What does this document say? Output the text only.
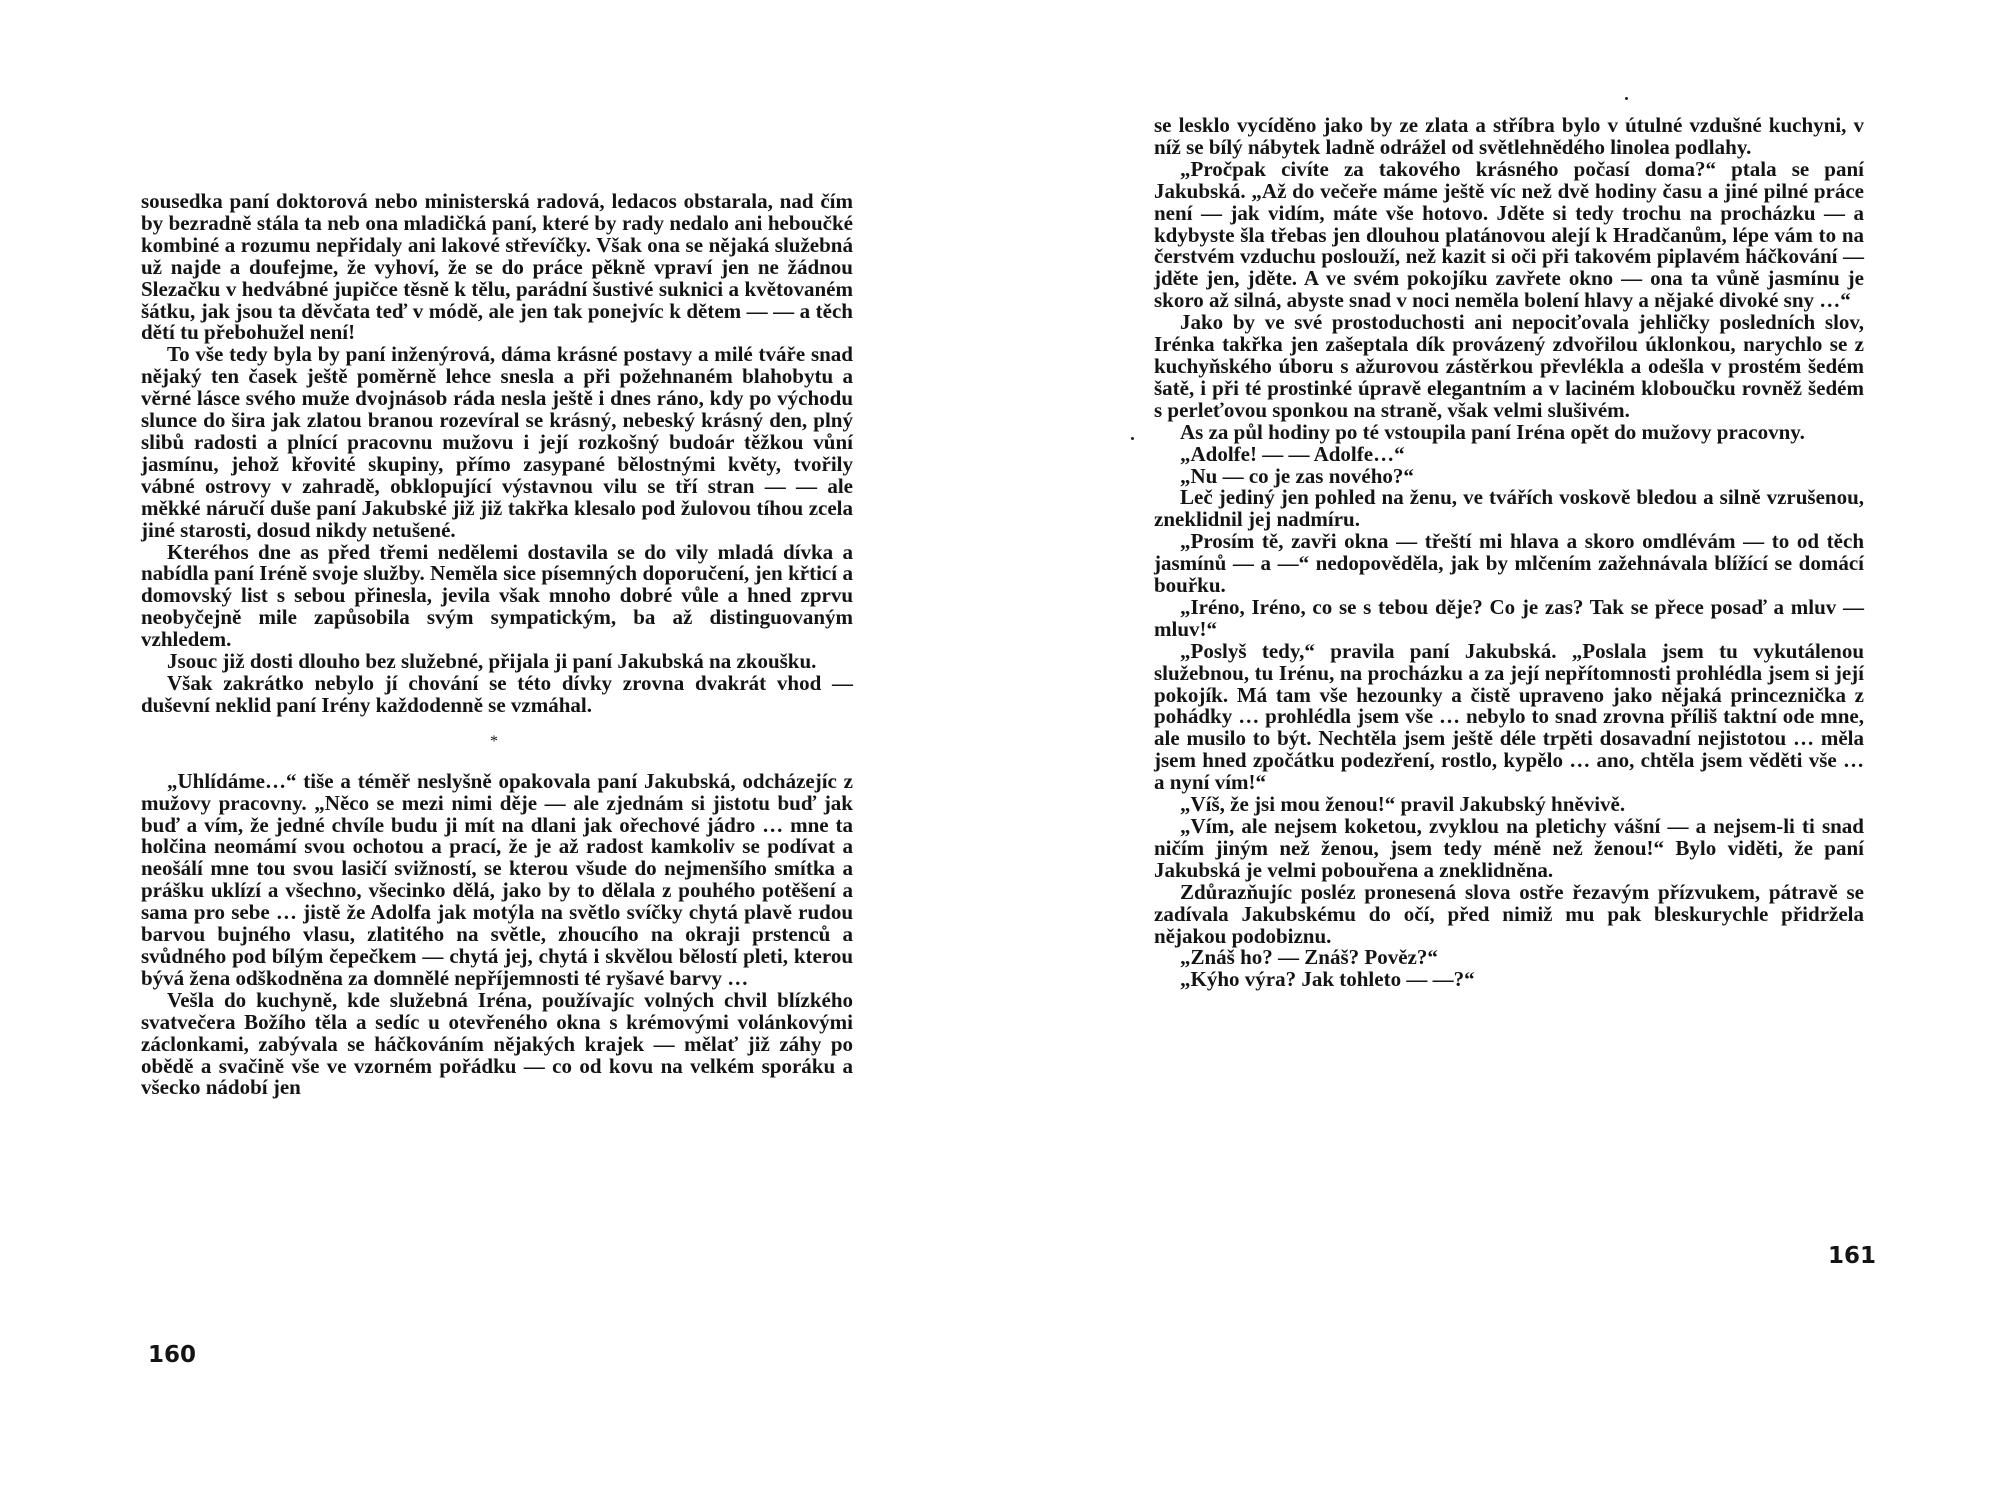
sousedka paní doktorová nebo ministerská radová, ledacos obstarala, nad čím by bezradně stála ta neb ona mladičká paní, které by rady nedalo ani heboučké kombiné a rozumu nepřidaly ani lakové střevíčky. Však ona se nějaká služebná už najde a doufejme, že vyhoví, že se do práce pěkně vpraví jen ne žádnou Slezačku v hedvábné jupičce těsně k tělu, parádní šustivé suknici a květovaném šátku, jak jsou ta děvčata teď v módě, ale jen tak ponejvíc k dětem — — a těch dětí tu přebohužel není!

To vše tedy byla by paní inženýrová, dáma krásné postavy a milé tváře snad nějaký ten časek ještě poměrně lehce snesla a při požehnaném blahobytu a věrné lásce svého muže dvojnásob ráda nesla ještě i dnes ráno, kdy po východu slunce do šira jak zlatou branou rozevíral se krásný, nebeský krásný den, plný slibů radosti a plnící pracovnu mužovu i její rozkošný budoár těžkou vůní jasmínu, jehož křovité skupiny, přímo zasypané bělostnými květy, tvořily vábné ostrovy v zahradě, obklopující výstavnou vilu se tří stran — — ale měkké náručí duše paní Jakubské již již takřka klesalo pod žulovou tíhou zcela jiné starosti, dosud nikdy netušené.

Kteréhos dne as před třemi nedělemi dostavila se do vily mladá dívka a nabídla paní Iréně svoje služby. Neměla sice písemných doporučení, jen křticí a domovský list s sebou přinesla, jevila však mnoho dobré vůle a hned zprvu neobyčejně mile zapůsobila svým sympatickým, ba až distinguovaným vzhledem.

Jsouc již dosti dlouho bez služebné, přijala ji paní Jakubská na zkoušku.

Však zakrátko nebylo jí chování se této dívky zrovna dvakrát vhod — duševní neklid paní Irény každodenně se vzmáhal.

*

„Uhlídáme…“ tiše a téměř neslyšně opakovala paní Jakubská, odcházejíc z mužovy pracovny. „Něco se mezi nimi děje — ale zjednám si jistotu buď jak buď a vím, že jedné chvíle budu ji mít na dlani jak ořechové jádro … mne ta holčina neomámí svou ochotou a prací, že je až radost kamkoliv se podívat a neošálí mne tou svou lasičí svižností, se kterou všude do nejmenšího smítka a prášku uklízí a všechno, všecinko dělá, jako by to dělala z pouhého potěšení a sama pro sebe … jistě že Adolfa jak motýla na světlo svíčky chytá plavě rudou barvou bujného vlasu, zlatitého na světle, zhoucího na okraji prstenců a svůdného pod bílým čepečkem — chytá jej, chytá i skvělou bělostí pleti, kterou bývá žena odškodněna za domnělé nepříjemnosti té ryšavé barvy …

Vešla do kuchyně, kde služebná Iréna, používajíc volných chvil blízkého svatvečera Božího těla a sedíc u otevřeného okna s krémovými volánkovými záclonkami, zabývala se háčkováním nějakých krajek — mělať již záhy po obědě a svačině vše ve vzorném pořádku — co od kovu na velkém sporáku a všecko nádobí jen

160

se lesklo vycíděno jako by ze zlata a stříbra bylo v útulné vzdušné kuchyni, v níž se bílý nábytek ladně odrážel od světlehnědého linolea podlahy.

„Pročpak civíte za takového krásného počasí doma?“ ptala se paní Jakubská. „Až do večeře máme ještě víc než dvě hodiny času a jiné pilné práce není — jak vidím, máte vše hotovo. Jděte si tedy trochu na procházku — a kdybyste šla třebas jen dlouhou platánovou alejí k Hradčanům, lépe vám to na čerstvém vzduchu poslouží, než kazit si oči při takovém piplavém háčkování — jděte jen, jděte. A ve svém pokojíku zavřete okno — ona ta vůně jasmínu je skoro až silná, abyste snad v noci neměla bolení hlavy a nějaké divoké sny …“

Jako by ve své prostoduchosti ani nepociťovala jehličky posledních slov, Irénka takřka jen zašeptala dík provázený zdvořilou úklonkou, narychlo se z kuchyňského úboru s ažurovou zástěrkou převlékla a odešla v prostém šedém šatě, i při té prostinké úpravě elegantním a v laciném kloboučku rovněž šedém s perleťovou sponkou na straně, však velmi slušivém.

As za půl hodiny po té vstoupila paní Iréna opět do mužovy pracovny.

„Adolfe! — — Adolfe…“

„Nu — co je zas nového?“

Leč jediný jen pohled na ženu, ve tvářích voskově bledou a silně vzrušenou, zneklidnil jej nadmíru.

„Prosím tě, zavři okna — třeští mi hlava a skoro omdlévám — to od těch jasmínů — a —“ nedopověděla, jak by mlčením zažehnávala blížící se domácí bouřku.

„Iréno, Iréno, co se s tebou děje? Co je zas? Tak se přece posaď a mluv — mluv!“

„Poslyš tedy,“ pravila paní Jakubská. „Poslala jsem tu vykutálenou služebnou, tu Irénu, na procházku a za její nepřítomnosti prohlédla jsem si její pokojík. Má tam vše hezounky a čistě upraveno jako nějaká princeznička z pohádky … prohlédla jsem vše … nebylo to snad zrovna příliš taktní ode mne, ale musilo to být. Nechtěla jsem ještě déle trpěti dosavadní nejistotou … měla jsem hned zpočátku podezření, rostlo, kypělo … ano, chtěla jsem věděti vše … a nyní vím!“

„Víš, že jsi mou ženou!“ pravil Jakubský hněvivě.

„Vím, ale nejsem koketou, zvyklou na pletichy vášní — a nejsem-li ti snad ničím jiným než ženou, jsem tedy méně než ženou!“ Bylo viděti, že paní Jakubská je velmi pobouřena a zneklidněna.

Zdůrazňujíc posléz pronesená slova ostře řezavým přízvukem, pátravě se zadívala Jakubskému do očí, před nimiž mu pak bleskurychle přidržela nějakou podobiznu.

„Znáš ho? — Znáš? Pověz?“

„Kýho výra? Jak tohleto — —?“

161
